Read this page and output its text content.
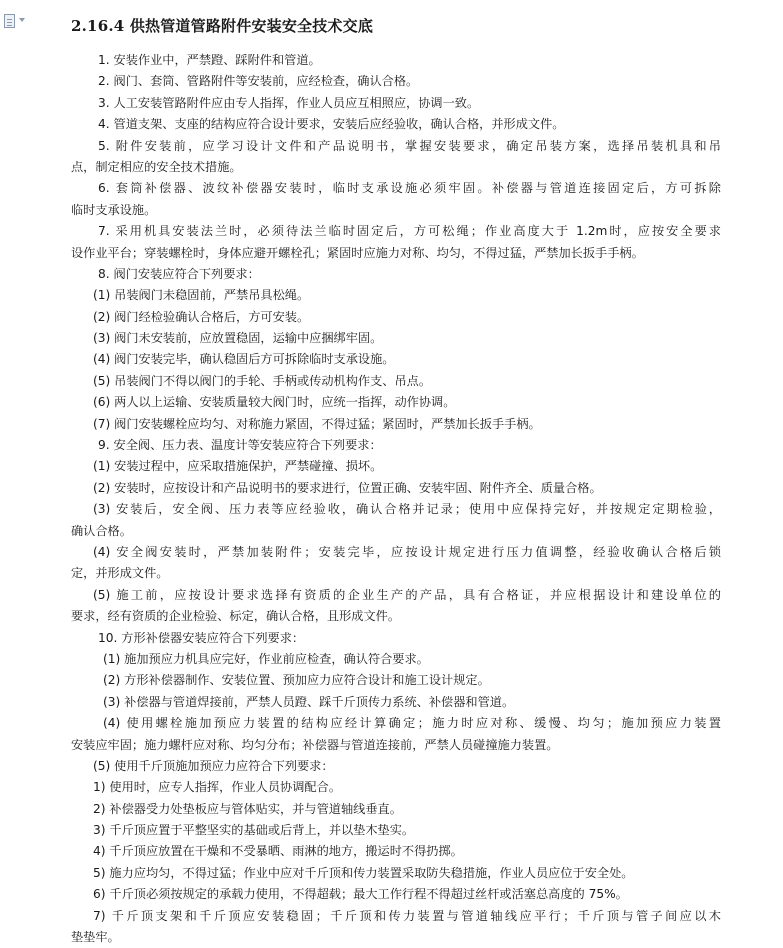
2.16.4 供热管道管路附件安装安全技术交底
1. 安装作业中，严禁蹬、踩附件和管道。
2. 阀门、套筒、管路附件等安装前，应经检查，确认合格。
3. 人工安装管路附件应由专人指挥，作业人员应互相照应，协调一致。
4. 管道支架、支座的结构应符合设计要求，安装后应经验收，确认合格，并形成文件。
5. 附件安装前，应学习设计文件和产品说明书，掌握安装要求，确定吊装方案，选择吊装机具和吊
点，制定相应的安全技术措施。
6. 套筒补偿器、波纹补偿器安装时，临时支承设施必须牢固。补偿器与管道连接固定后，方可拆除
临时支承设施。
7. 采用机具安装法兰时，必须待法兰临时固定后，方可松绳；作业高度大于 1.2m时，应按安全要求
设作业平台；穿装螺栓时，身体应避开螺栓孔；紧固时应施力对称、均匀，不得过猛，严禁加长扳手手柄。
8. 阀门安装应符合下列要求：
(1) 吊装阀门未稳固前，严禁吊具松绳。
(2) 阀门经检验确认合格后，方可安装。
(3) 阀门未安装前，应放置稳固，运输中应捆绑牢固。
(4) 阀门安装完毕，确认稳固后方可拆除临时支承设施。
(5) 吊装阀门不得以阀门的手轮、手柄或传动机构作支、吊点。
(6) 两人以上运输、安装质量较大阀门时，应统一指挥，动作协调。
(7) 阀门安装螺栓应均匀、对称施力紧固，不得过猛；紧固时，严禁加长扳手手柄。
9. 安全阀、压力表、温度计等安装应符合下列要求：
(1) 安装过程中，应采取措施保护，严禁碰撞、损坏。
(2) 安装时，应按设计和产品说明书的要求进行，位置正确、安装牢固、附件齐全、质量合格。
(3) 安装后，安全阀、压力表等应经验收，确认合格并记录；使用中应保持完好，并按规定定期检验，
确认合格。
(4) 安全阀安装时，严禁加装附件；安装完毕，应按设计规定进行压力值调整，经验收确认合格后锁
定，并形成文件。
(5) 施工前，应按设计要求选择有资质的企业生产的产品，具有合格证，并应根据设计和建设单位的
要求，经有资质的企业检验、标定，确认合格，且形成文件。
10. 方形补偿器安装应符合下列要求：
(1) 施加预应力机具应完好，作业前应检查，确认符合要求。
(2) 方形补偿器制作、安装位置、预加应力应符合设计和施工设计规定。
(3) 补偿器与管道焊接前，严禁人员蹬、踩千斤顶传力系统、补偿器和管道。
(4) 使用螺栓施加预应力装置的结构应经计算确定；施力时应对称、缓慢、均匀；施加预应力装置
安装应牢固；施力螺杆应对称、均匀分布；补偿器与管道连接前，严禁人员碰撞施力装置。
(5) 使用千斤顶施加预应力应符合下列要求：
1) 使用时，应专人指挥，作业人员协调配合。
2) 补偿器受力处垫板应与管体贴实，并与管道轴线垂直。
3) 千斤顶应置于平整坚实的基础或后背上，并以垫木垫实。
4) 千斤顶应放置在干燥和不受暴晒、雨淋的地方，搬运时不得扔掷。
5) 施力应均匀，不得过猛；作业中应对千斤顶和传力装置采取防失稳措施，作业人员应位于安全处。
6) 千斤顶必须按规定的承载力使用，不得超载；最大工作行程不得超过丝杆或活塞总高度的 75%。
7) 千斤顶支架和千斤顶应安装稳固；千斤顶和传力装置与管道轴线应平行；千斤顶与管子间应以木
垫垫牢。
